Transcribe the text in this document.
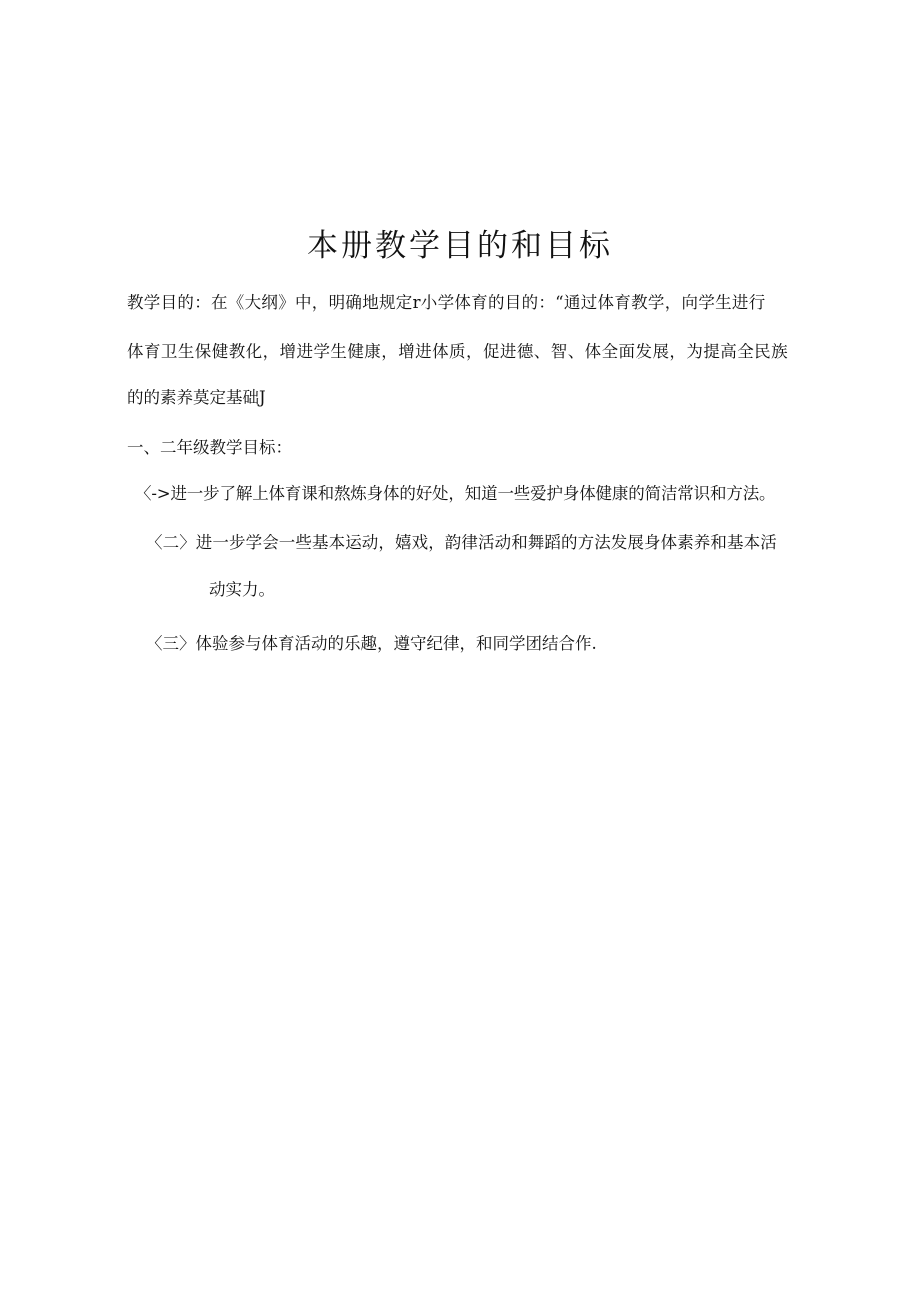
本册教学目的和目标
教学目的：在《大纲》中，明确地规定r小学体育的目的：“通过体育教学，向学生进行
体育卫生保健教化，增进学生健康，增进体质，促进德、智、体全面发展，为提高全民族
的的素养莫定基础J
一、二年级教学目标：
〈->进一步了解上体育课和熬炼身体的好处，知道一些爱护身体健康的简洁常识和方法。
〈二〉进一步学会一些基本运动，嬉戏，韵律活动和舞蹈的方法发展身体素养和基本活
动实力。
〈三〉体验参与体育活动的乐趣，遵守纪律，和同学团结合作.
